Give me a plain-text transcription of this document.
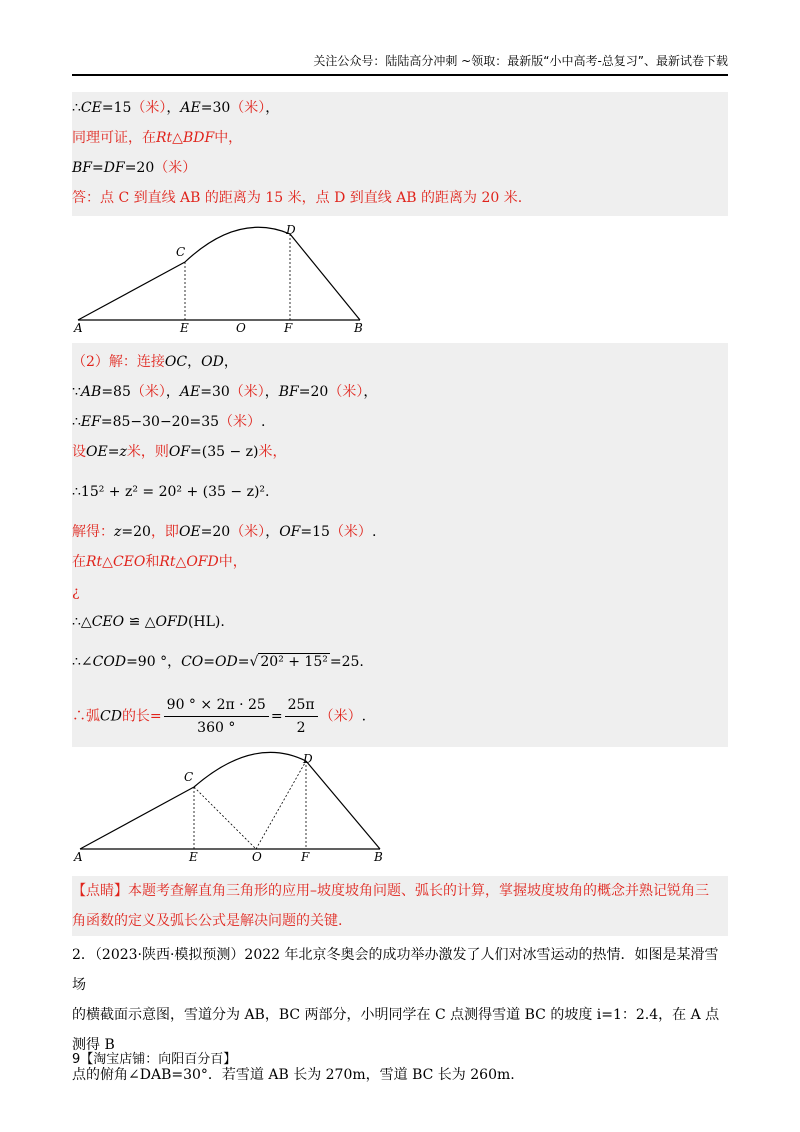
关注公众号：陆陆高分冲刺 ~领取：最新版“小中高考-总复习”、最新试卷下载
∴CE=15（米），AE=30（米），
同理可证，在Rt△BDF中，
BF=DF=20（米）
答：点 C 到直线 AB 的距离为 15 米，点 D 到直线 AB 的距离为 20 米.
A	E	O	F	B
C
D
（2）解：连接OC，OD，
∵AB=85（米），AE=30（米），BF=20（米），
∴EF=85−30−20=35（米）.
设OE=z米，则OF=(35 − z)米，
∴15² + z² = 20² + (35 − z)².
解得：z=20，即OE=20（米），OF=15（米）.
在Rt△CEO和Rt△OFD中，
¿
∴△CEO ≌ △OFD(HL).
∴∠COD=90 °，CO=OD=√ 20² + 15² =25.
∴弧CD的长= $\frac{90 ^\circ \times 2\pi \cdot 25}{360 ^\circ} = \frac{25\pi}{2}$ （米）.
A	E	O	F	B
C
D
【点睛】本题考查解直角三角形的应用–坡度坡角问题、弧长的计算，掌握坡度坡角的概念并熟记锐角三
角函数的定义及弧长公式是解决问题的关键.
2．（2023·陕西·模拟预测）2022 年北京冬奥会的成功举办激发了人们对冰雪运动的热情．如图是某滑雪场
的横截面示意图，雪道分为 AB，BC 两部分，小明同学在 C 点测得雪道 BC 的坡度 i=1：2.4，在 A 点测得 B
点的俯角∠DAB=30°．若雪道 AB 长为 270m，雪道 BC 长为 260m.
9【淘宝店铺：向阳百分百】
